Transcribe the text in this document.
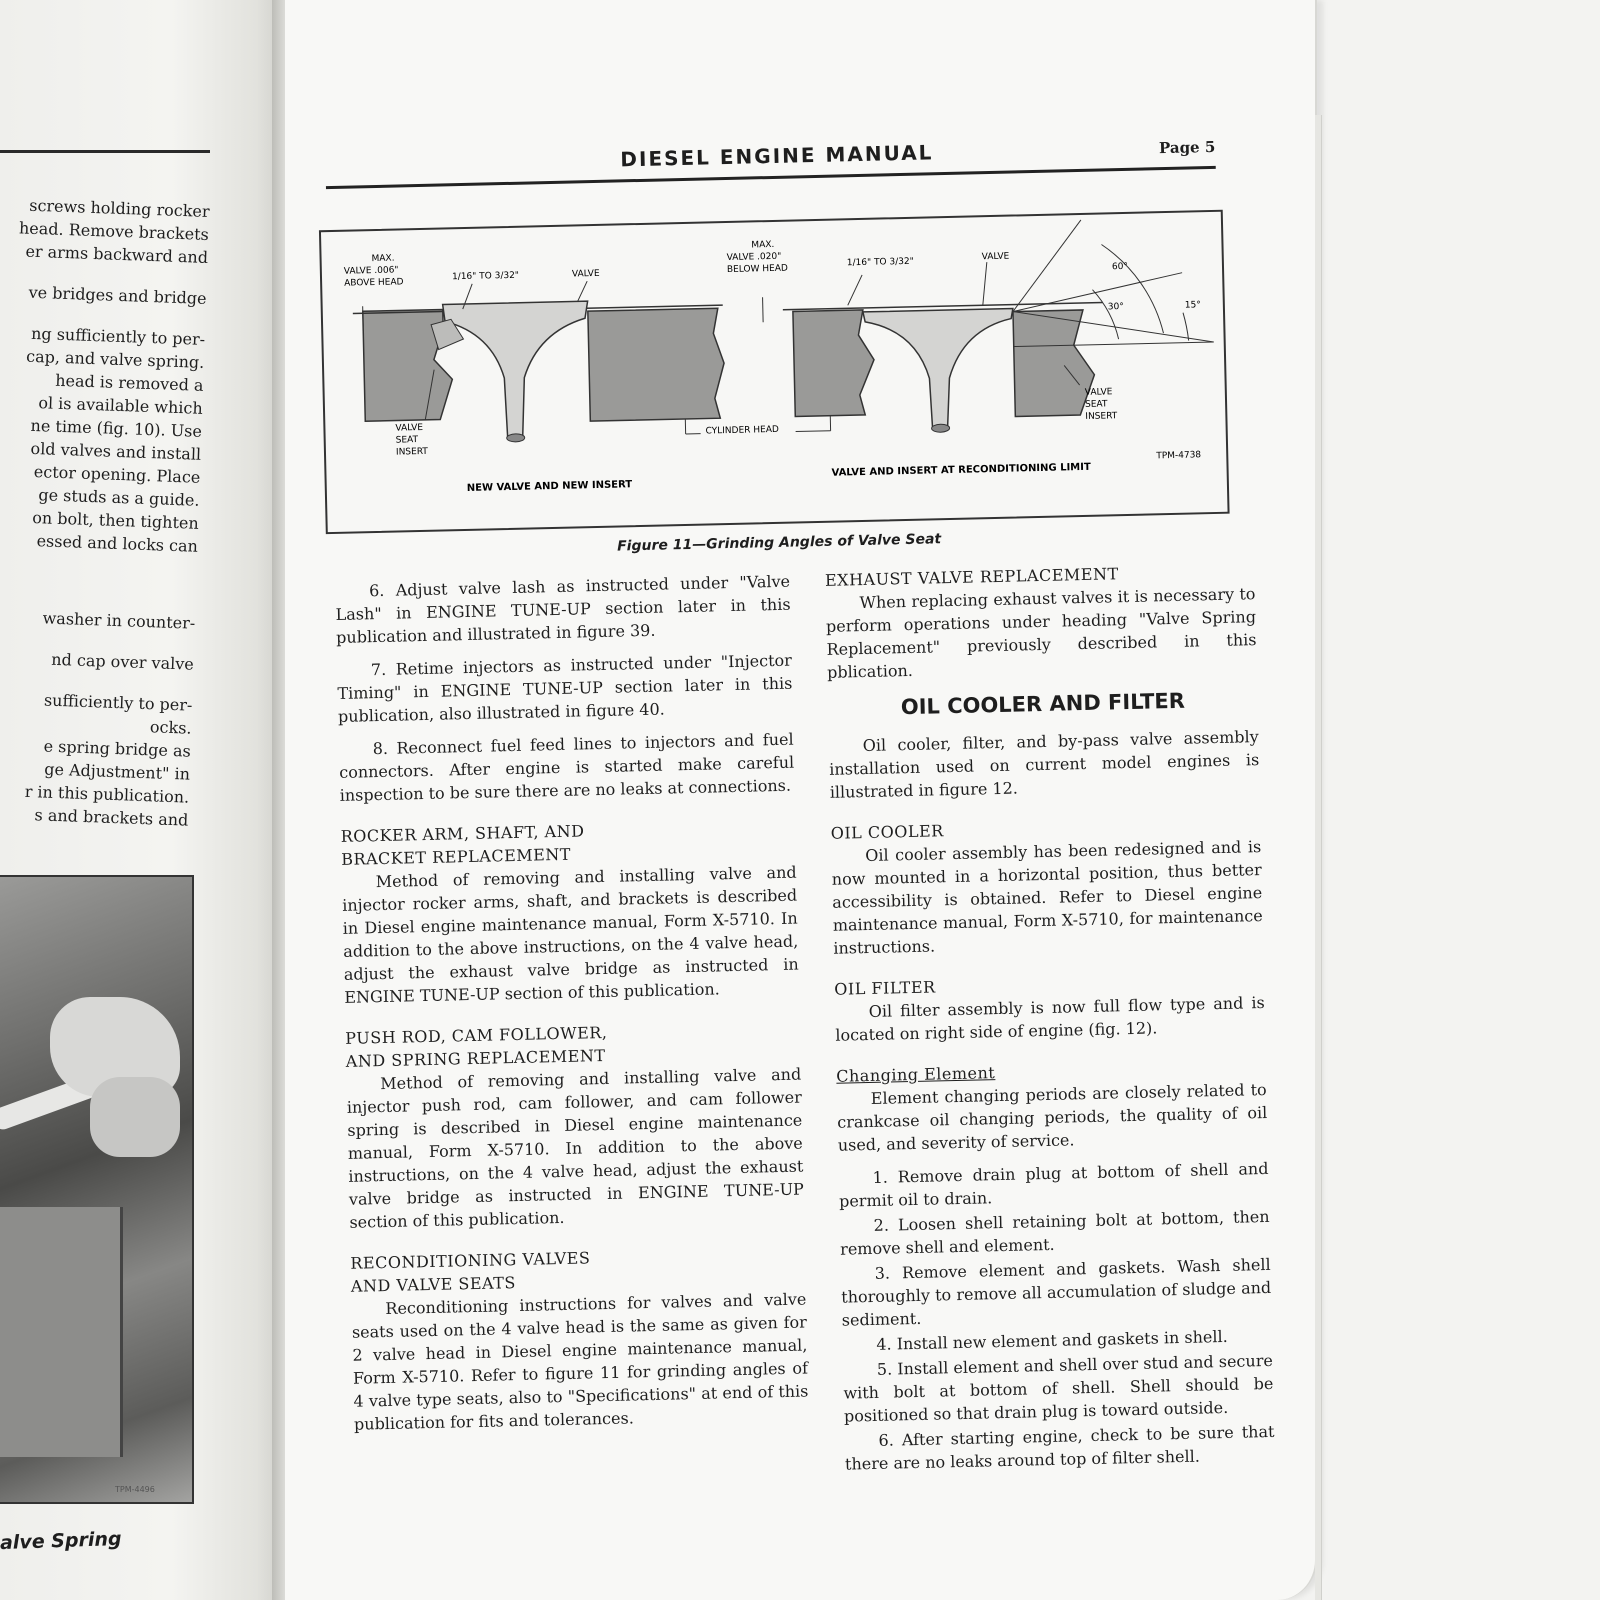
screws holding rocker

head. Remove brackets

er arms backward and

ve bridges and bridge

ng sufficiently to per-

cap, and valve spring.

head is removed a

ol is available which

ne time (fig. 10). Use

old valves and install

ector opening. Place

ge studs as a guide.

on bolt, then tighten

essed and locks can

washer in counter-

nd cap over valve

sufficiently to per-

ocks.

e spring bridge as

ge Adjustment" in

r in this publication.

s and brackets and

TPM-4496
alve Spring
DIESEL ENGINE MANUAL	Page 5
MAX.
VALVE .006"
ABOVE HEAD
1/16" TO 3/32"	VALVE
VALVE
SEAT
INSERT
NEW VALVE AND NEW INSERT
CYLINDER HEAD
MAX.
VALVE .020"
BELOW HEAD
1/16" TO 3/32"	VALVE
60°
30°	15°
VALVE
SEAT
INSERT
VALVE AND INSERT AT RECONDITIONING LIMIT
TPM-4738
Figure 11—Grinding Angles of Valve Seat

6. Adjust valve lash as instructed under "Valve Lash" in ENGINE TUNE-UP section later in this publication and illustrated in figure 39.

7. Retime injectors as instructed under "Injector Timing" in ENGINE TUNE-UP section later in this publication, also illustrated in figure 40.

8. Reconnect fuel feed lines to injectors and fuel connectors. After engine is started make careful inspection to be sure there are no leaks at connections.

ROCKER ARM, SHAFT, AND
BRACKET REPLACEMENT

Method of removing and installing valve and injector rocker arms, shaft, and brackets is described in Diesel engine maintenance manual, Form X-5710. In addition to the above instructions, on the 4 valve head, adjust the exhaust valve bridge as instructed in ENGINE TUNE-UP section of this publication.

PUSH ROD, CAM FOLLOWER,
AND SPRING REPLACEMENT

Method of removing and installing valve and injector push rod, cam follower, and cam follower spring is described in Diesel engine maintenance manual, Form X-5710. In addition to the above instructions, on the 4 valve head, adjust the exhaust valve bridge as instructed in ENGINE TUNE-UP section of this publication.

RECONDITIONING VALVES
AND VALVE SEATS

Reconditioning instructions for valves and valve seats used on the 4 valve head is the same as given for 2 valve head in Diesel engine maintenance manual, Form X-5710. Refer to figure 11 for grinding angles of 4 valve type seats, also to "Specifications" at end of this publication for fits and tolerances.

EXHAUST VALVE REPLACEMENT

When replacing exhaust valves it is necessary to perform operations under heading "Valve Spring Replacement" previously described in this pblication.

OIL COOLER AND FILTER

Oil cooler, filter, and by-pass valve assembly installation used on current model engines is illustrated in figure 12.

OIL COOLER

Oil cooler assembly has been redesigned and is now mounted in a horizontal position, thus better accessibility is obtained. Refer to Diesel engine maintenance manual, Form X-5710, for maintenance instructions.

OIL FILTER

Oil filter assembly is now full flow type and is located on right side of engine (fig. 12).

Changing Element

Element changing periods are closely related to crankcase oil changing periods, the quality of oil used, and severity of service.

1. Remove drain plug at bottom of shell and permit oil to drain.

2. Loosen shell retaining bolt at bottom, then remove shell and element.

3. Remove element and gaskets. Wash shell thoroughly to remove all accumulation of sludge and sediment.

4. Install new element and gaskets in shell.

5. Install element and shell over stud and secure with bolt at bottom of shell. Shell should be positioned so that drain plug is toward outside.

6. After starting engine, check to be sure that there are no leaks around top of filter shell.
